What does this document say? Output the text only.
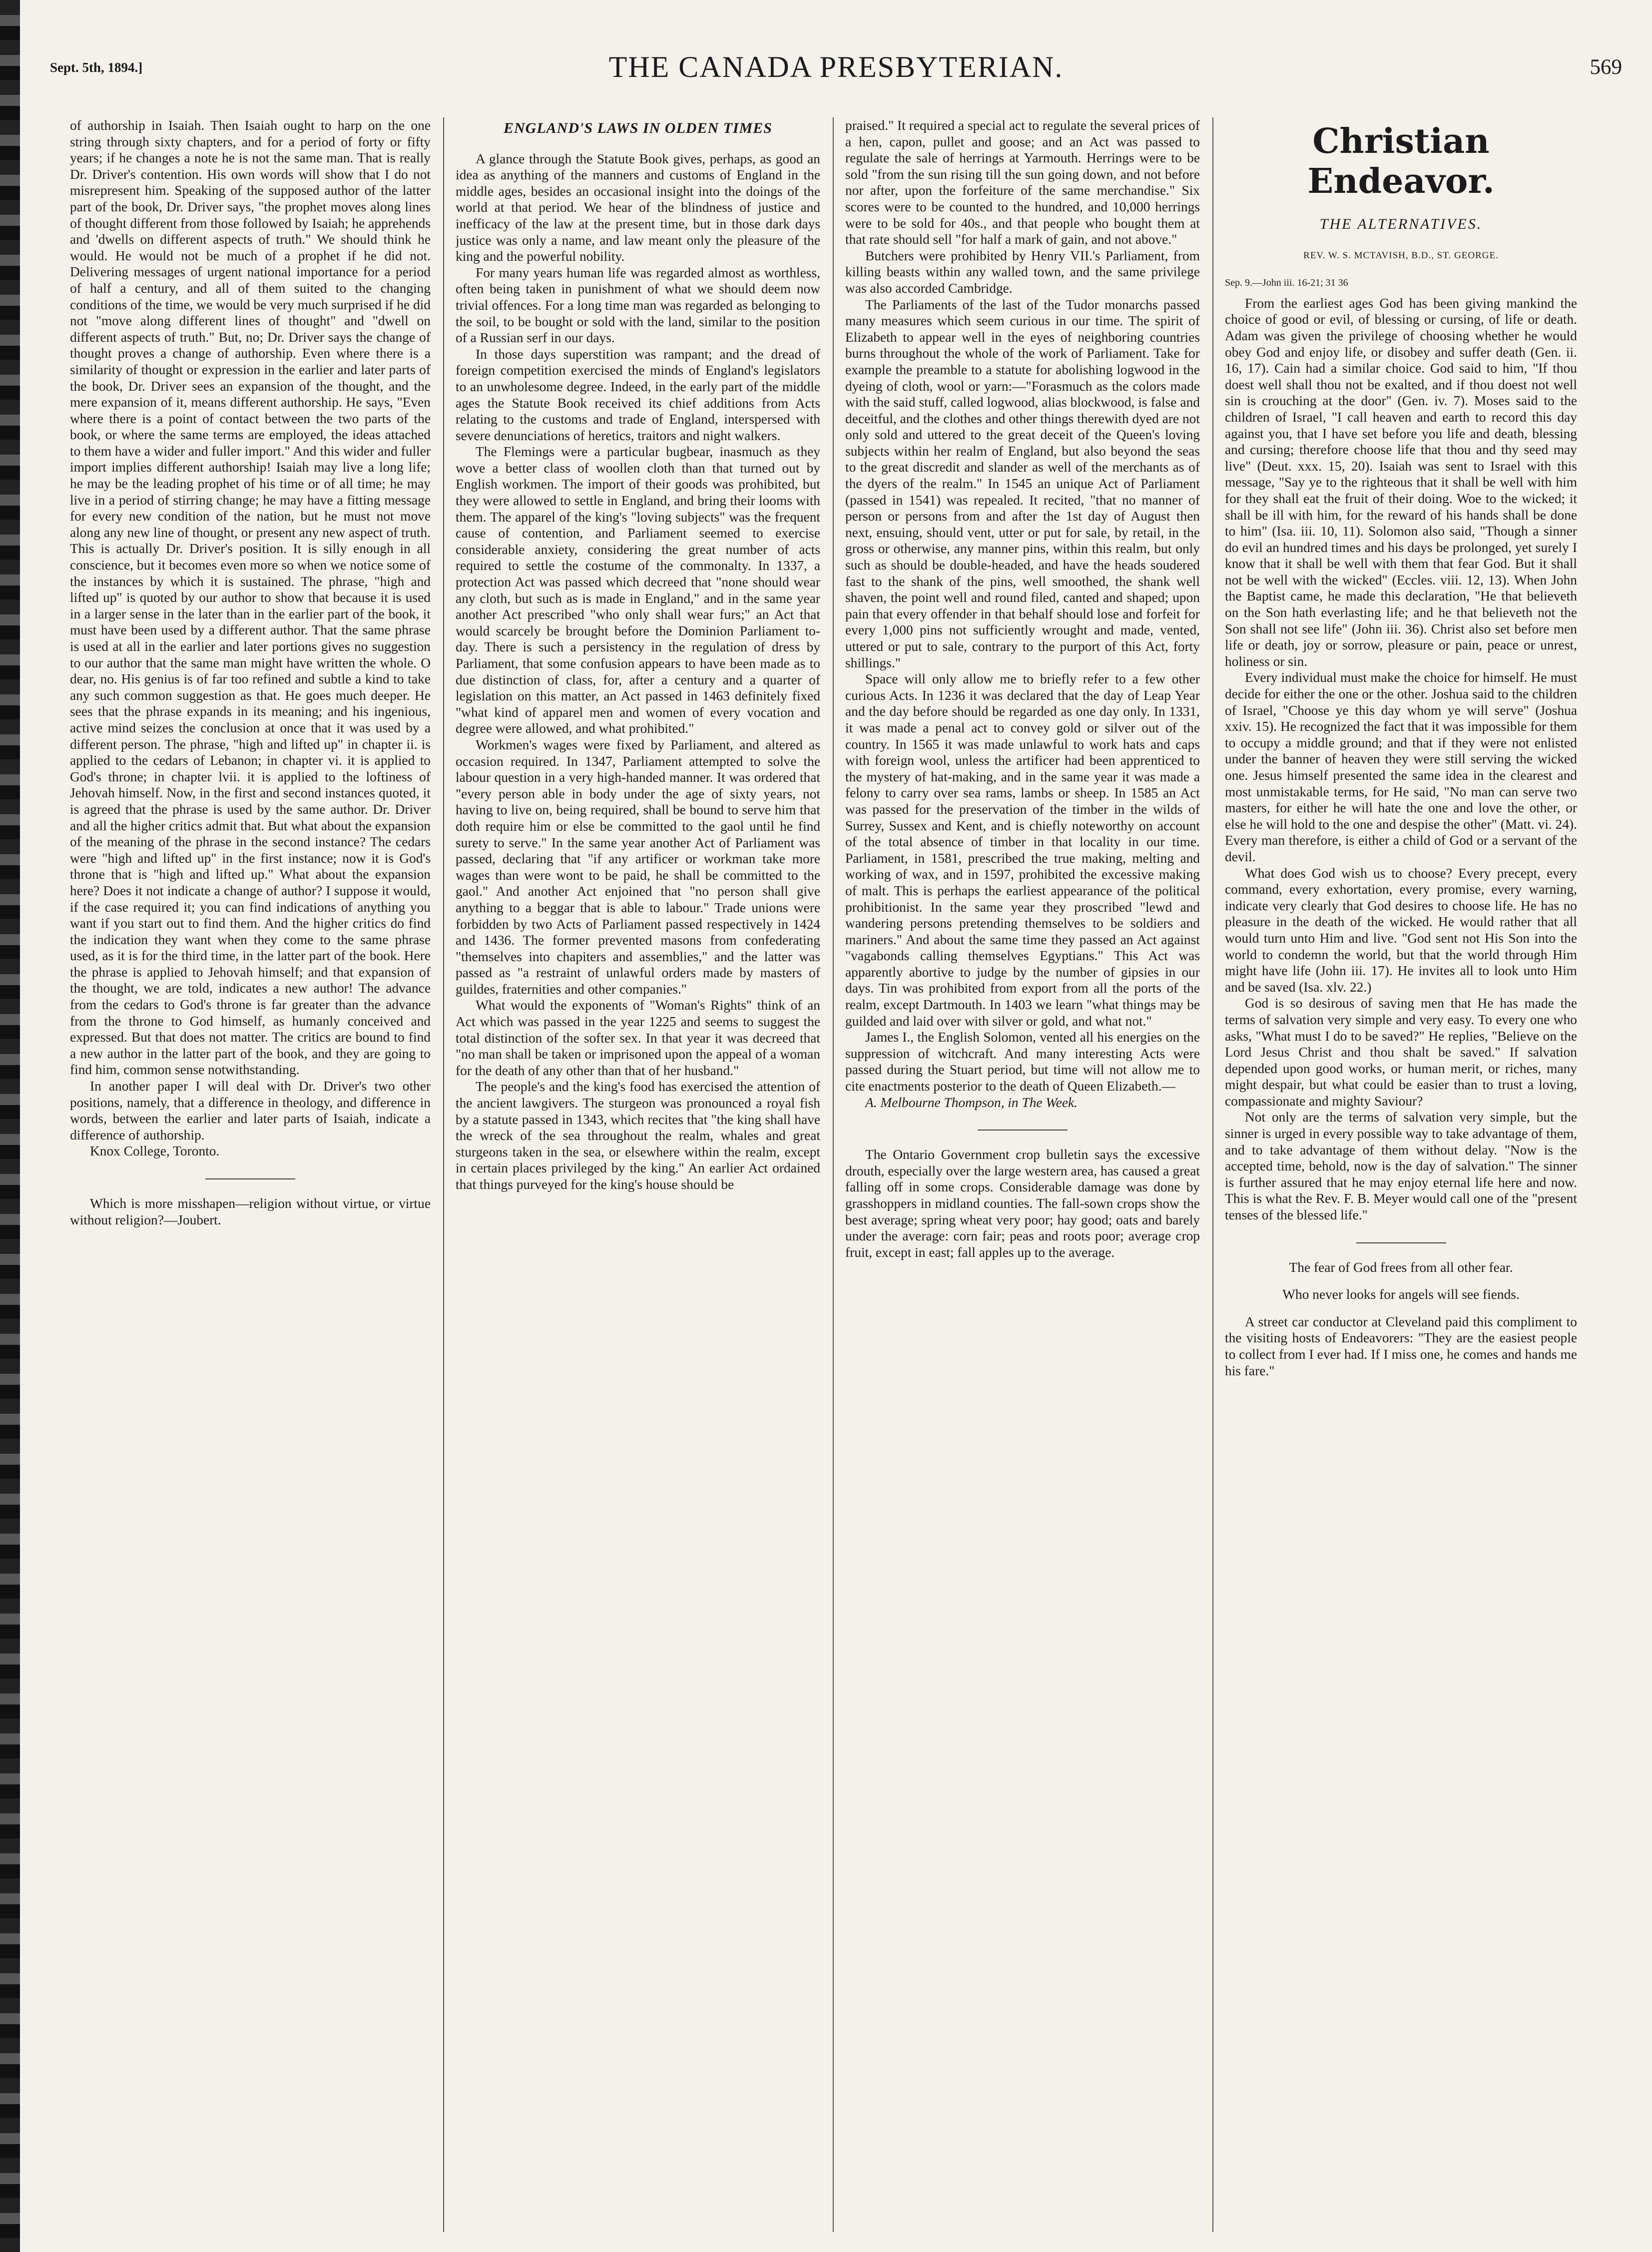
Sept. 5th, 1894.]	THE CANADA PRESBYTERIAN.	569

of authorship in Isaiah. Then Isaiah ought to harp on the one string through sixty chapters, and for a period of forty or fifty years; if he changes a note he is not the same man. That is really Dr. Driver's contention. His own words will show that I do not misrepresent him. Speaking of the supposed author of the latter part of the book, Dr. Driver says, "the prophet moves along lines of thought different from those followed by Isaiah; he apprehends and 'dwells on different aspects of truth." We should think he would. He would not be much of a prophet if he did not. Delivering messages of urgent national importance for a period of half a century, and all of them suited to the changing conditions of the time, we would be very much surprised if he did not "move along different lines of thought" and "dwell on different aspects of truth." But, no; Dr. Driver says the change of thought proves a change of authorship. Even where there is a similarity of thought or expression in the earlier and later parts of the book, Dr. Driver sees an expansion of the thought, and the mere expansion of it, means different authorship. He says, "Even where there is a point of contact between the two parts of the book, or where the same terms are employed, the ideas attached to them have a wider and fuller import." And this wider and fuller import implies different authorship! Isaiah may live a long life; he may be the leading prophet of his time or of all time; he may live in a period of stirring change; he may have a fitting message for every new condition of the nation, but he must not move along any new line of thought, or present any new aspect of truth. This is actually Dr. Driver's position. It is silly enough in all conscience, but it becomes even more so when we notice some of the instances by which it is sustained. The phrase, "high and lifted up" is quoted by our author to show that because it is used in a larger sense in the later than in the earlier part of the book, it must have been used by a different author. That the same phrase is used at all in the earlier and later portions gives no suggestion to our author that the same man might have written the whole. O dear, no. His genius is of far too refined and subtle a kind to take any such common suggestion as that. He goes much deeper. He sees that the phrase expands in its meaning; and his ingenious, active mind seizes the conclusion at once that it was used by a different person. The phrase, "high and lifted up" in chapter ii. is applied to the cedars of Lebanon; in chapter vi. it is applied to God's throne; in chapter lvii. it is applied to the loftiness of Jehovah himself. Now, in the first and second instances quoted, it is agreed that the phrase is used by the same author. Dr. Driver and all the higher critics admit that. But what about the expansion of the meaning of the phrase in the second instance? The cedars were "high and lifted up" in the first instance; now it is God's throne that is "high and lifted up." What about the expansion here? Does it not indicate a change of author? I suppose it would, if the case required it; you can find indications of anything you want if you start out to find them. And the higher critics do find the indication they want when they come to the same phrase used, as it is for the third time, in the latter part of the book. Here the phrase is applied to Jehovah himself; and that expansion of the thought, we are told, indicates a new author! The advance from the cedars to God's throne is far greater than the advance from the throne to God himself, as humanly conceived and expressed. But that does not matter. The critics are bound to find a new author in the latter part of the book, and they are going to find him, common sense notwithstanding.

In another paper I will deal with Dr. Driver's two other positions, namely, that a difference in theology, and difference in words, between the earlier and later parts of Isaiah, indicate a difference of authorship.

Knox College, Toronto.

Which is more misshapen—religion without virtue, or virtue without religion?—Joubert.

ENGLAND'S LAWS IN OLDEN TIMES

A glance through the Statute Book gives, perhaps, as good an idea as anything of the manners and customs of England in the middle ages, besides an occasional insight into the doings of the world at that period. We hear of the blindness of justice and inefficacy of the law at the present time, but in those dark days justice was only a name, and law meant only the pleasure of the king and the powerful nobility.

For many years human life was regarded almost as worthless, often being taken in punishment of what we should deem now trivial offences. For a long time man was regarded as belonging to the soil, to be bought or sold with the land, similar to the position of a Russian serf in our days.

In those days superstition was rampant; and the dread of foreign competition exercised the minds of England's legislators to an unwholesome degree. Indeed, in the early part of the middle ages the Statute Book received its chief additions from Acts relating to the customs and trade of England, interspersed with severe denunciations of heretics, traitors and night walkers.

The Flemings were a particular bugbear, inasmuch as they wove a better class of woollen cloth than that turned out by English workmen. The import of their goods was prohibited, but they were allowed to settle in England, and bring their looms with them. The apparel of the king's "loving subjects" was the frequent cause of contention, and Parliament seemed to exercise considerable anxiety, considering the great number of acts required to settle the costume of the commonalty. In 1337, a protection Act was passed which decreed that "none should wear any cloth, but such as is made in England," and in the same year another Act prescribed "who only shall wear furs;" an Act that would scarcely be brought before the Dominion Parliament to-day. There is such a persistency in the regulation of dress by Parliament, that some confusion appears to have been made as to due distinction of class, for, after a century and a quarter of legislation on this matter, an Act passed in 1463 definitely fixed "what kind of apparel men and women of every vocation and degree were allowed, and what prohibited."

Workmen's wages were fixed by Parliament, and altered as occasion required. In 1347, Parliament attempted to solve the labour question in a very high-handed manner. It was ordered that "every person able in body under the age of sixty years, not having to live on, being required, shall be bound to serve him that doth require him or else be committed to the gaol until he find surety to serve." In the same year another Act of Parliament was passed, declaring that "if any artificer or workman take more wages than were wont to be paid, he shall be committed to the gaol." And another Act enjoined that "no person shall give anything to a beggar that is able to labour." Trade unions were forbidden by two Acts of Parliament passed respectively in 1424 and 1436. The former prevented masons from confederating "themselves into chapiters and assemblies," and the latter was passed as "a restraint of unlawful orders made by masters of guildes, fraternities and other companies."

What would the exponents of "Woman's Rights" think of an Act which was passed in the year 1225 and seems to suggest the total distinction of the softer sex. In that year it was decreed that "no man shall be taken or imprisoned upon the appeal of a woman for the death of any other than that of her husband."

The people's and the king's food has exercised the attention of the ancient lawgivers. The sturgeon was pronounced a royal fish by a statute passed in 1343, which recites that "the king shall have the wreck of the sea throughout the realm, whales and great sturgeons taken in the sea, or elsewhere within the realm, except in certain places privileged by the king." An earlier Act ordained that things purveyed for the king's house should be

praised." It required a special act to regulate the several prices of a hen, capon, pullet and goose; and an Act was passed to regulate the sale of herrings at Yarmouth. Herrings were to be sold "from the sun rising till the sun going down, and not before nor after, upon the forfeiture of the same merchandise." Six scores were to be counted to the hundred, and 10,000 herrings were to be sold for 40s., and that people who bought them at that rate should sell "for half a mark of gain, and not above."

Butchers were prohibited by Henry VII.'s Parliament, from killing beasts within any walled town, and the same privilege was also accorded Cambridge.

The Parliaments of the last of the Tudor monarchs passed many measures which seem curious in our time. The spirit of Elizabeth to appear well in the eyes of neighboring countries burns throughout the whole of the work of Parliament. Take for example the preamble to a statute for abolishing logwood in the dyeing of cloth, wool or yarn:—"Forasmuch as the colors made with the said stuff, called logwood, alias blockwood, is false and deceitful, and the clothes and other things therewith dyed are not only sold and uttered to the great deceit of the Queen's loving subjects within her realm of England, but also beyond the seas to the great discredit and slander as well of the merchants as of the dyers of the realm." In 1545 an unique Act of Parliament (passed in 1541) was repealed. It recited, "that no manner of person or persons from and after the 1st day of August then next, ensuing, should vent, utter or put for sale, by retail, in the gross or otherwise, any manner pins, within this realm, but only such as should be double-headed, and have the heads soudered fast to the shank of the pins, well smoothed, the shank well shaven, the point well and round filed, canted and shaped; upon pain that every offender in that behalf should lose and forfeit for every 1,000 pins not sufficiently wrought and made, vented, uttered or put to sale, contrary to the purport of this Act, forty shillings."

Space will only allow me to briefly refer to a few other curious Acts. In 1236 it was declared that the day of Leap Year and the day before should be regarded as one day only. In 1331, it was made a penal act to convey gold or silver out of the country. In 1565 it was made unlawful to work hats and caps with foreign wool, unless the artificer had been apprenticed to the mystery of hat-making, and in the same year it was made a felony to carry over sea rams, lambs or sheep. In 1585 an Act was passed for the preservation of the timber in the wilds of Surrey, Sussex and Kent, and is chiefly noteworthy on account of the total absence of timber in that locality in our time. Parliament, in 1581, prescribed the true making, melting and working of wax, and in 1597, prohibited the excessive making of malt. This is perhaps the earliest appearance of the political prohibitionist. In the same year they proscribed "lewd and wandering persons pretending themselves to be soldiers and mariners." And about the same time they passed an Act against "vagabonds calling themselves Egyptians." This Act was apparently abortive to judge by the number of gipsies in our days. Tin was prohibited from export from all the ports of the realm, except Dartmouth. In 1403 we learn "what things may be guilded and laid over with silver or gold, and what not."

James I., the English Solomon, vented all his energies on the suppression of witchcraft. And many interesting Acts were passed during the Stuart period, but time will not allow me to cite enactments posterior to the death of Queen Elizabeth.—

A. Melbourne Thompson, in The Week.

The Ontario Government crop bulletin says the excessive drouth, especially over the large western area, has caused a great falling off in some crops. Considerable damage was done by grasshoppers in midland counties. The fall-sown crops show the best average; spring wheat very poor; hay good; oats and barely under the average: corn fair; peas and roots poor; average crop fruit, except in east; fall apples up to the average.

Christian Endeavor.
THE ALTERNATIVES.
REV. W. S. MCTAVISH, B.D., ST. GEORGE.
Sep. 9.—John iii. 16-21; 31 36

From the earliest ages God has been giving mankind the choice of good or evil, of blessing or cursing, of life or death. Adam was given the privilege of choosing whether he would obey God and enjoy life, or disobey and suffer death (Gen. ii. 16, 17). Cain had a similar choice. God said to him, "If thou doest well shall thou not be exalted, and if thou doest not well sin is crouching at the door" (Gen. iv. 7). Moses said to the children of Israel, "I call heaven and earth to record this day against you, that I have set before you life and death, blessing and cursing; therefore choose life that thou and thy seed may live" (Deut. xxx. 15, 20). Isaiah was sent to Israel with this message, "Say ye to the righteous that it shall be well with him for they shall eat the fruit of their doing. Woe to the wicked; it shall be ill with him, for the reward of his hands shall be done to him" (Isa. iii. 10, 11). Solomon also said, "Though a sinner do evil an hundred times and his days be prolonged, yet surely I know that it shall be well with them that fear God. But it shall not be well with the wicked" (Eccles. viii. 12, 13). When John the Baptist came, he made this declaration, "He that believeth on the Son hath everlasting life; and he that believeth not the Son shall not see life" (John iii. 36). Christ also set before men life or death, joy or sorrow, pleasure or pain, peace or unrest, holiness or sin.

Every individual must make the choice for himself. He must decide for either the one or the other. Joshua said to the children of Israel, "Choose ye this day whom ye will serve" (Joshua xxiv. 15). He recognized the fact that it was impossible for them to occupy a middle ground; and that if they were not enlisted under the banner of heaven they were still serving the wicked one. Jesus himself presented the same idea in the clearest and most unmistakable terms, for He said, "No man can serve two masters, for either he will hate the one and love the other, or else he will hold to the one and despise the other" (Matt. vi. 24). Every man therefore, is either a child of God or a servant of the devil.

What does God wish us to choose? Every precept, every command, every exhortation, every promise, every warning, indicate very clearly that God desires to choose life. He has no pleasure in the death of the wicked. He would rather that all would turn unto Him and live. "God sent not His Son into the world to condemn the world, but that the world through Him might have life (John iii. 17). He invites all to look unto Him and be saved (Isa. xlv. 22.)

God is so desirous of saving men that He has made the terms of salvation very simple and very easy. To every one who asks, "What must I do to be saved?" He replies, "Believe on the Lord Jesus Christ and thou shalt be saved." If salvation depended upon good works, or human merit, or riches, many might despair, but what could be easier than to trust a loving, compassionate and mighty Saviour?

Not only are the terms of salvation very simple, but the sinner is urged in every possible way to take advantage of them, and to take advantage of them without delay. "Now is the accepted time, behold, now is the day of salvation." The sinner is further assured that he may enjoy eternal life here and now. This is what the Rev. F. B. Meyer would call one of the "present tenses of the blessed life."

The fear of God frees from all other fear.

Who never looks for angels will see fiends.

A street car conductor at Cleveland paid this compliment to the visiting hosts of Endeavorers: "They are the easiest people to collect from I ever had. If I miss one, he comes and hands me his fare."
